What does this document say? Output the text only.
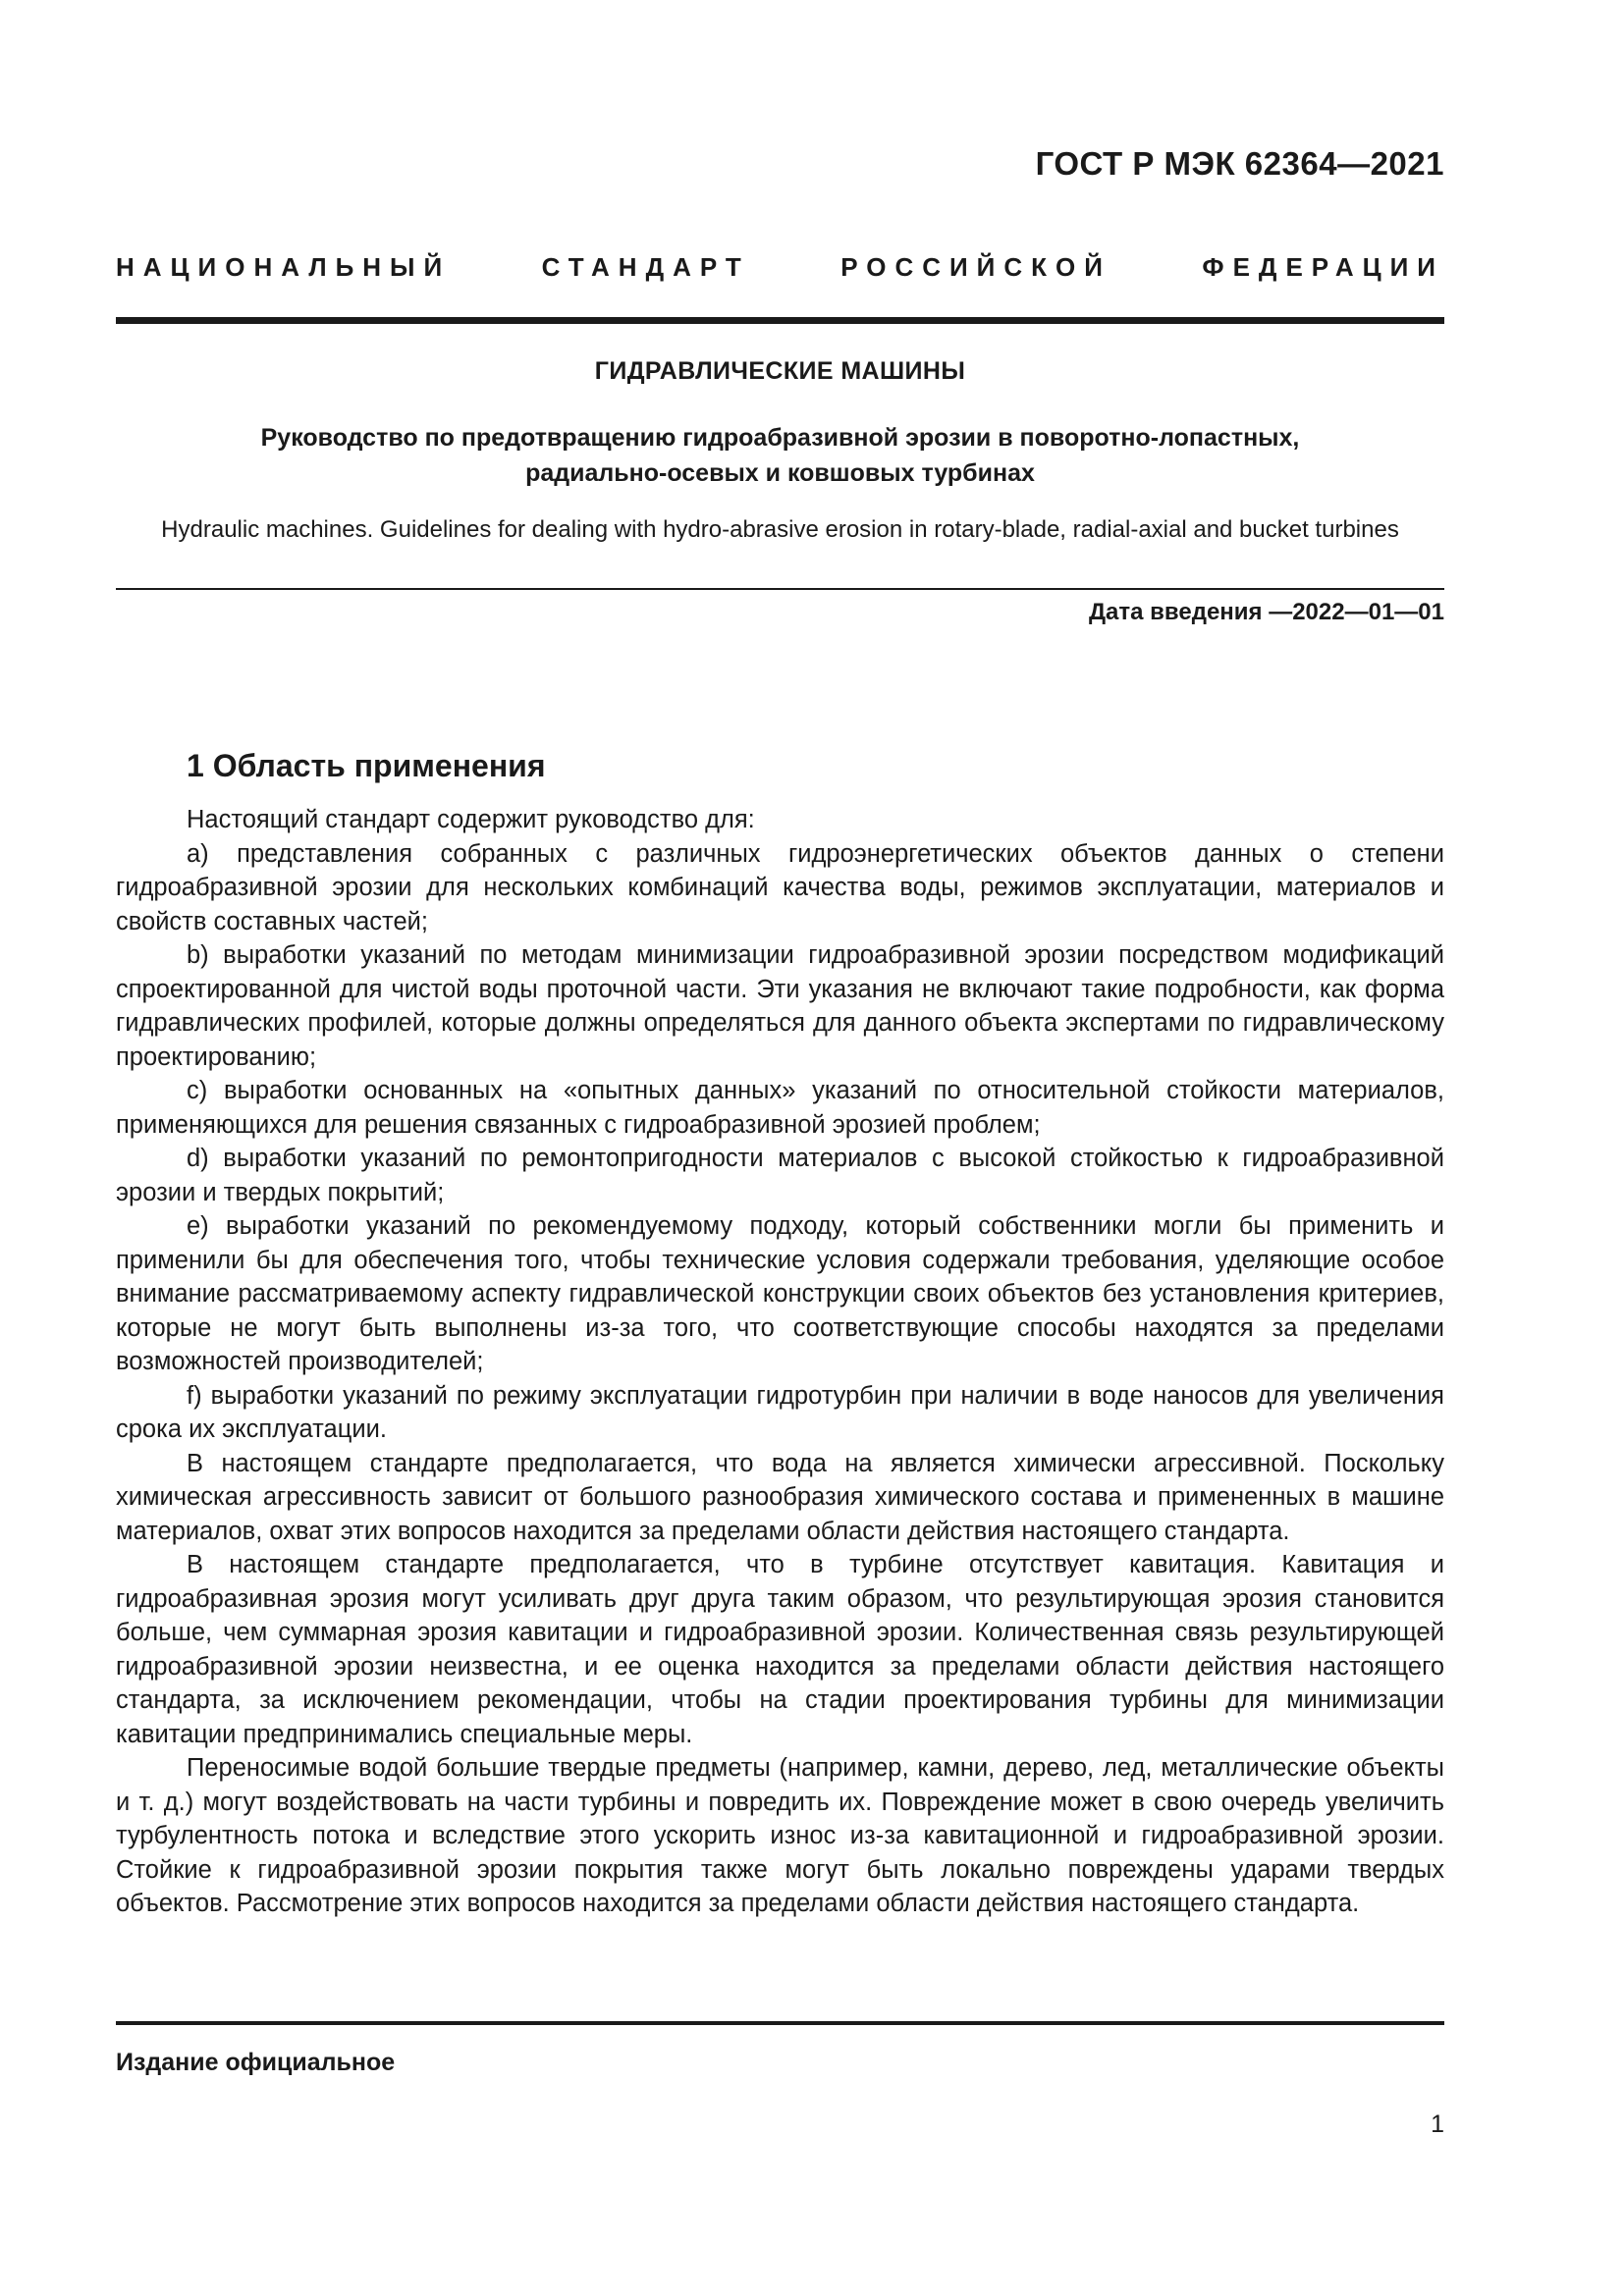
ГОСТ Р МЭК 62364—2021
НАЦИОНАЛЬНЫЙ СТАНДАРТ РОССИЙСКОЙ ФЕДЕРАЦИИ
ГИДРАВЛИЧЕСКИЕ МАШИНЫ
Руководство по предотвращению гидроабразивной эрозии в поворотно-лопастных,
радиально-осевых и ковшовых турбинах
Hydraulic machines. Guidelines for dealing with hydro-abrasive erosion in rotary-blade, radial-axial and bucket turbines
Дата введения —2022—01—01
1 Область применения

Настоящий стандарт содержит руководство для:

a) представления собранных с различных гидроэнергетических объектов данных о степени гидроабразивной эрозии для нескольких комбинаций качества воды, режимов эксплуатации, материалов и свойств составных частей;

b) выработки указаний по методам минимизации гидроабразивной эрозии посредством модификаций спроектированной для чистой воды проточной части. Эти указания не включают такие подробности, как форма гидравлических профилей, которые должны определяться для данного объекта экспертами по гидравлическому проектированию;

c) выработки основанных на «опытных данных» указаний по относительной стойкости материалов, применяющихся для решения связанных с гидроабразивной эрозией проблем;

d) выработки указаний по ремонтопригодности материалов с высокой стойкостью к гидроабразивной эрозии и твердых покрытий;

e) выработки указаний по рекомендуемому подходу, который собственники могли бы применить и применили бы для обеспечения того, чтобы технические условия содержали требования, уделяющие особое внимание рассматриваемому аспекту гидравлической конструкции своих объектов без установления критериев, которые не могут быть выполнены из-за того, что соответствующие способы находятся за пределами возможностей производителей;

f) выработки указаний по режиму эксплуатации гидротурбин при наличии в воде наносов для увеличения срока их эксплуатации.

В настоящем стандарте предполагается, что вода на является химически агрессивной. Поскольку химическая агрессивность зависит от большого разнообразия химического состава и примененных в машине материалов, охват этих вопросов находится за пределами области действия настоящего стандарта.

В настоящем стандарте предполагается, что в турбине отсутствует кавитация. Кавитация и гидроабразивная эрозия могут усиливать друг друга таким образом, что результирующая эрозия становится больше, чем суммарная эрозия кавитации и гидроабразивной эрозии. Количественная связь результирующей гидроабразивной эрозии неизвестна, и ее оценка находится за пределами области действия настоящего стандарта, за исключением рекомендации, чтобы на стадии проектирования турбины для минимизации кавитации предпринимались специальные меры.

Переносимые водой большие твердые предметы (например, камни, дерево, лед, металлические объекты и т. д.) могут воздействовать на части турбины и повредить их. Повреждение может в свою очередь увеличить турбулентность потока и вследствие этого ускорить износ из-за кавитационной и гидроабразивной эрозии. Стойкие к гидроабразивной эрозии покрытия также могут быть локально повреждены ударами твердых объектов. Рассмотрение этих вопросов находится за пределами области действия настоящего стандарта.

Издание официальное
1
